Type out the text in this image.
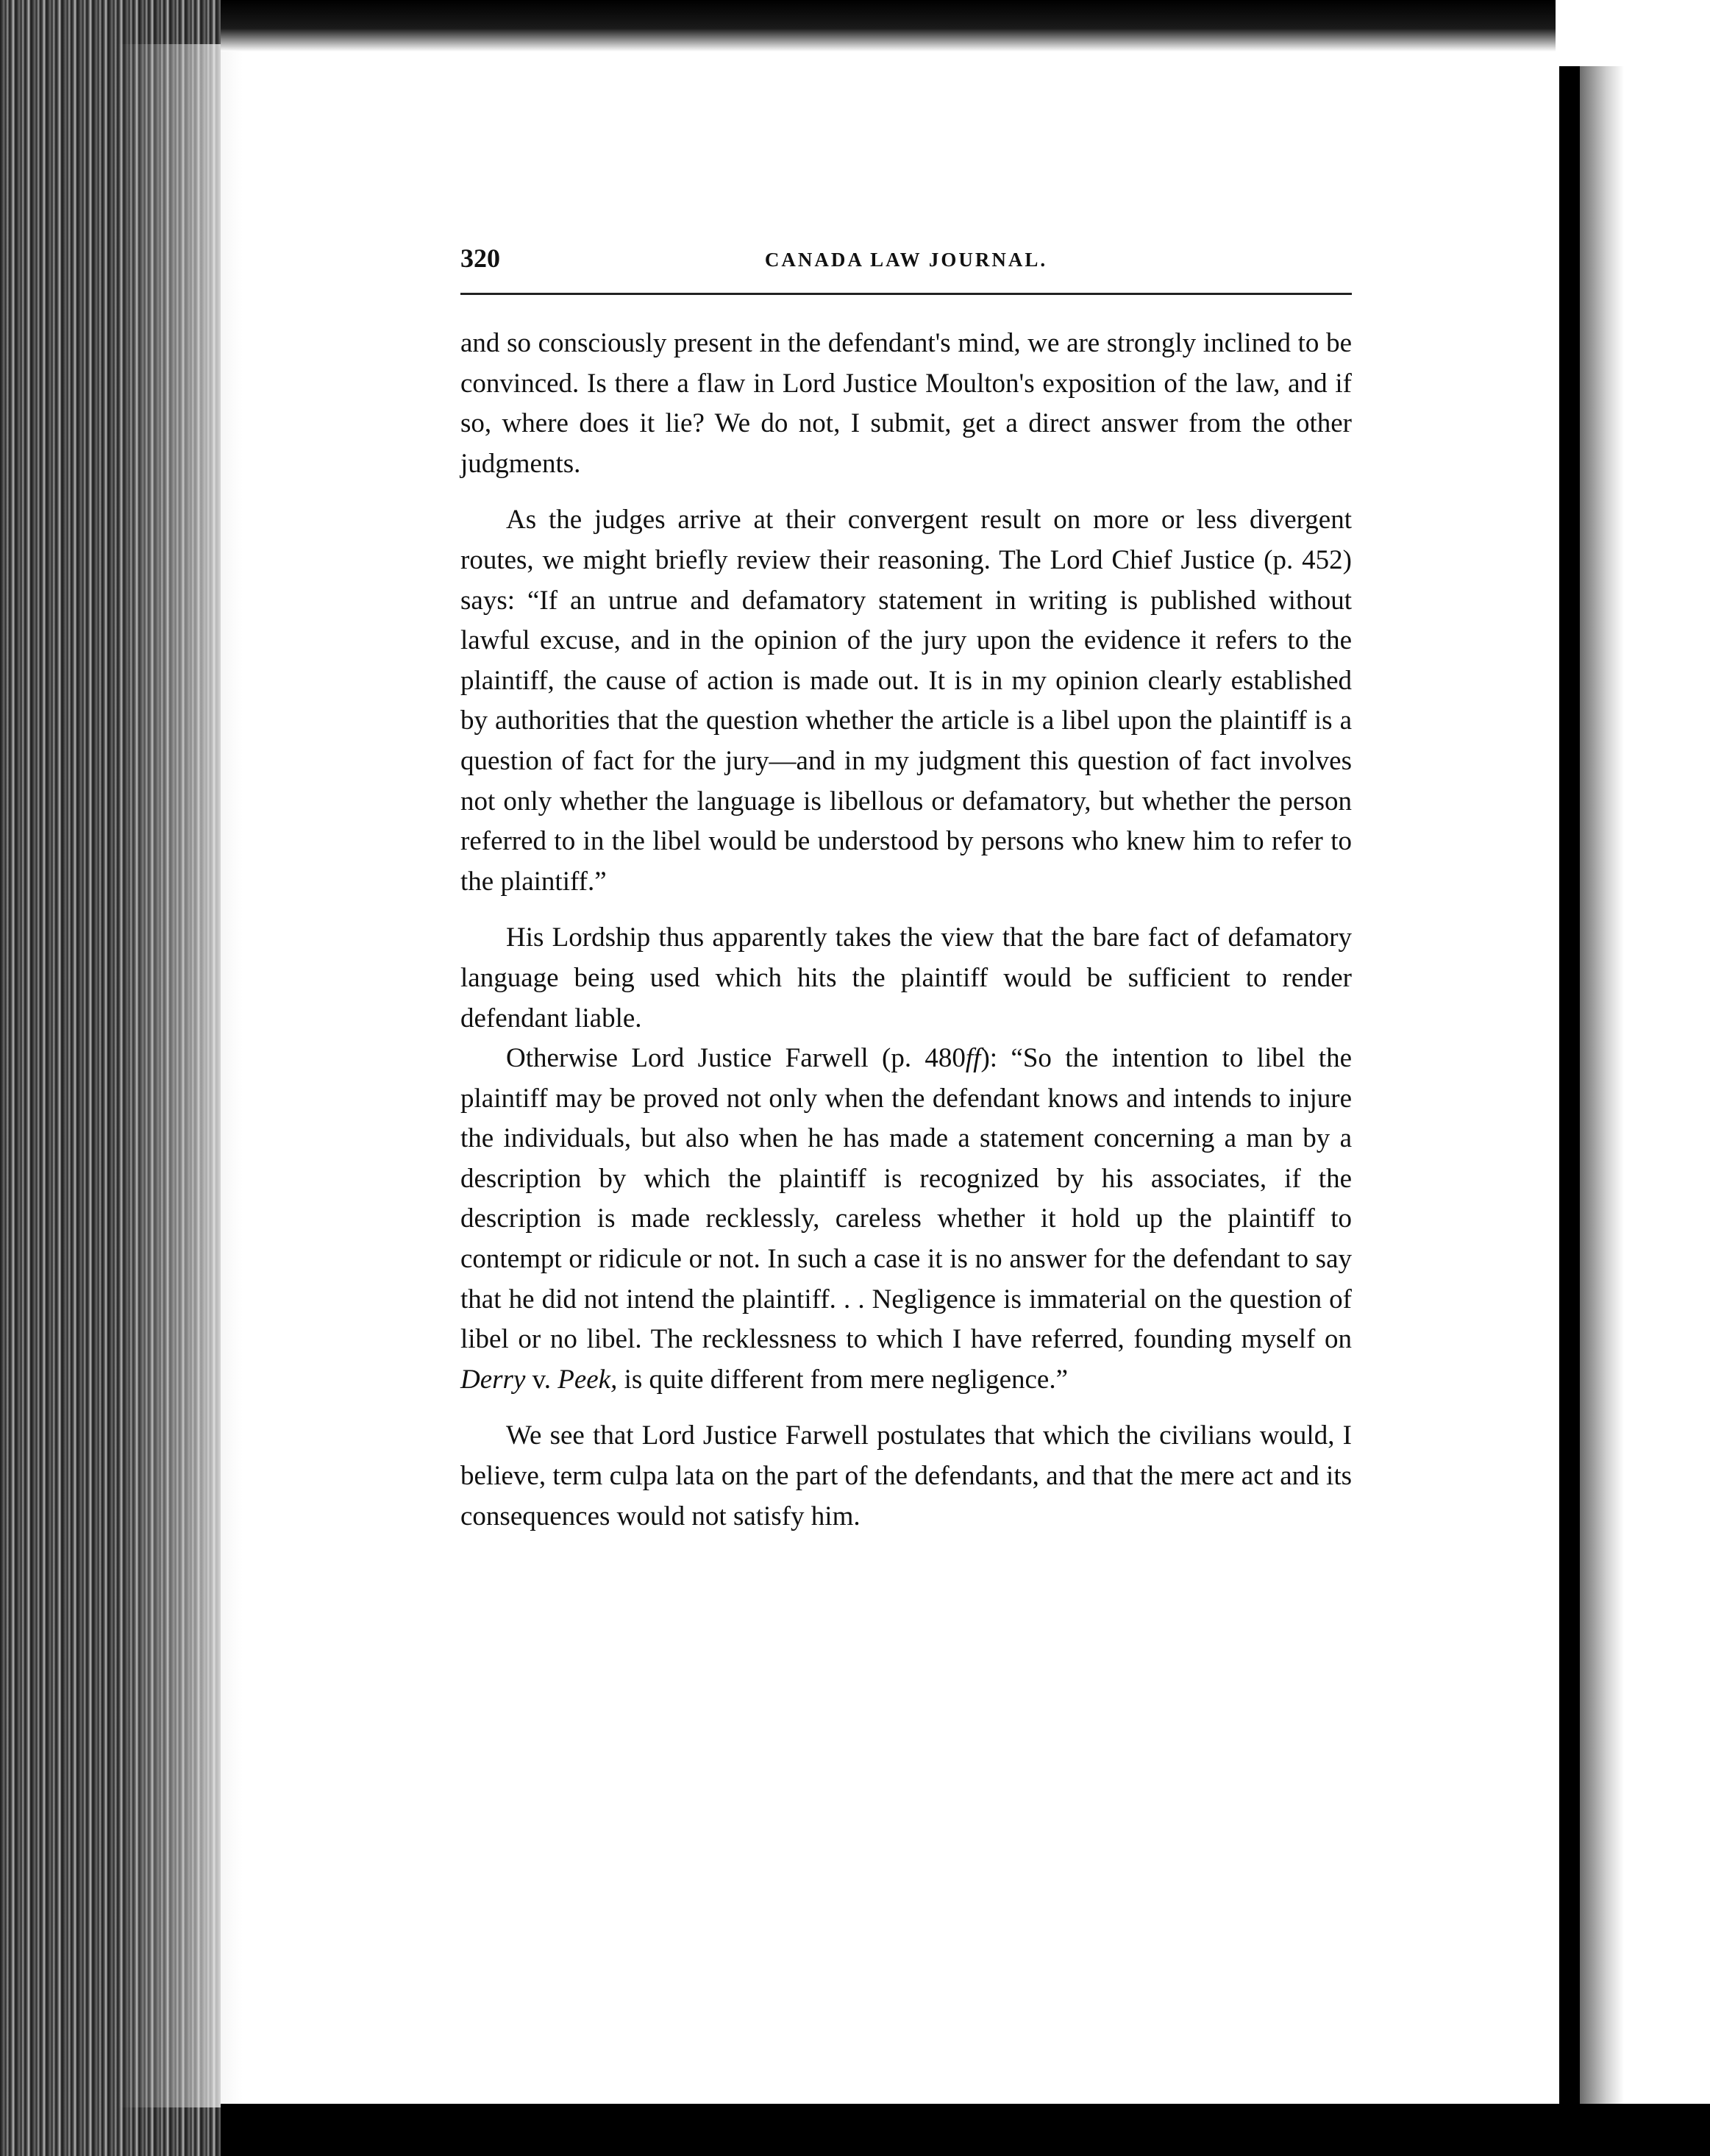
320	CANADA LAW JOURNAL.

and so consciously present in the defendant's mind, we are strongly inclined to be convinced. Is there a flaw in Lord Justice Moulton's exposition of the law, and if so, where does it lie? We do not, I submit, get a direct answer from the other judgments.

As the judges arrive at their convergent result on more or less divergent routes, we might briefly review their reasoning. The Lord Chief Justice (p. 452) says: “If an untrue and defamatory statement in writing is published without lawful excuse, and in the opinion of the jury upon the evidence it refers to the plaintiff, the cause of action is made out. It is in my opinion clearly established by authorities that the question whether the article is a libel upon the plaintiff is a question of fact for the jury—and in my judgment this question of fact involves not only whether the language is libellous or defamatory, but whether the person referred to in the libel would be understood by persons who knew him to refer to the plaintiff.”

His Lordship thus apparently takes the view that the bare fact of defamatory language being used which hits the plaintiff would be sufficient to render defendant liable.

Otherwise Lord Justice Farwell (p. 480ff): “So the intention to libel the plaintiff may be proved not only when the defendant knows and intends to injure the individuals, but also when he has made a statement concerning a man by a description by which the plaintiff is recognized by his associates, if the description is made recklessly, careless whether it hold up the plaintiff to contempt or ridicule or not. In such a case it is no answer for the defendant to say that he did not intend the plaintiff. . . Negligence is immaterial on the question of libel or no libel. The recklessness to which I have referred, founding myself on Derry v. Peek, is quite different from mere negligence.”

We see that Lord Justice Farwell postulates that which the civilians would, I believe, term culpa lata on the part of the defendants, and that the mere act and its consequences would not satisfy him.
